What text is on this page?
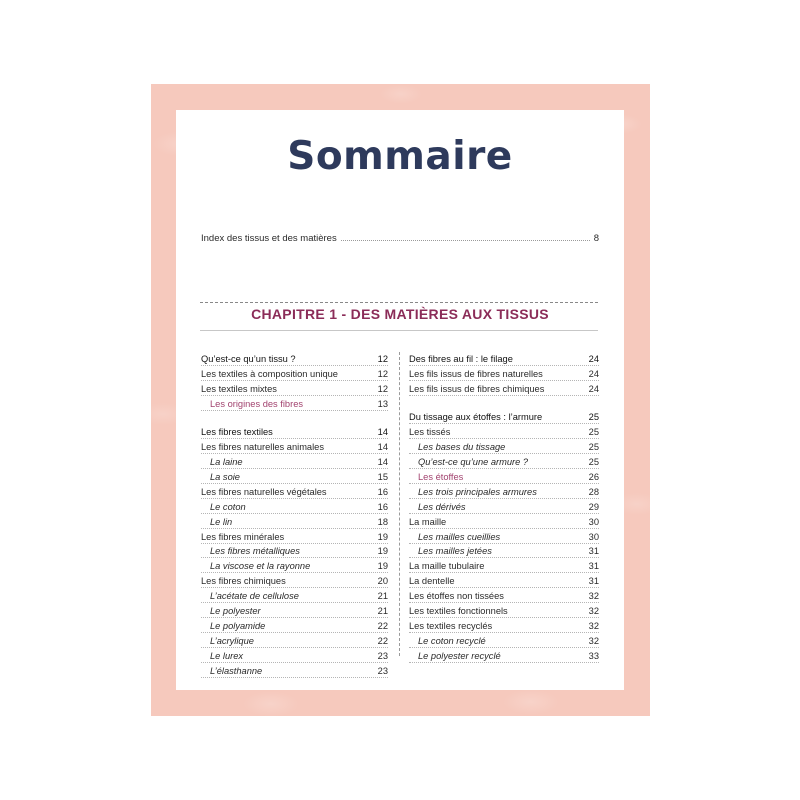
Sommaire
Index des tissus et des matières	8
CHAPITRE 1 - DES MATIÈRES AUX TISSUS
Qu’est-ce qu’un tissu ?	12
Les textiles à composition unique	12
Les textiles mixtes	12
Les origines des fibres	13
Les fibres textiles	14
Les fibres naturelles animales	14
La laine	14
La soie	15
Les fibres naturelles végétales	16
Le coton	16
Le lin	18
Les fibres minérales	19
Les fibres métalliques	19
La viscose et la rayonne	19
Les fibres chimiques	20
L’acétate de cellulose	21
Le polyester	21
Le polyamide	22
L’acrylique	22
Le lurex	23
L’élasthanne	23
Des fibres au fil : le filage	24
Les fils issus de fibres naturelles	24
Les fils issus de fibres chimiques	24
Du tissage aux étoffes : l’armure	25
Les tissés	25
Les bases du tissage	25
Qu’est-ce qu’une armure ?	25
Les étoffes	26
Les trois principales armures	28
Les dérivés	29
La maille	30
Les mailles cueillies	30
Les mailles jetées	31
La maille tubulaire	31
La dentelle	31
Les étoffes non tissées	32
Les textiles fonctionnels	32
Les textiles recyclés	32
Le coton recyclé	32
Le polyester recyclé	33
